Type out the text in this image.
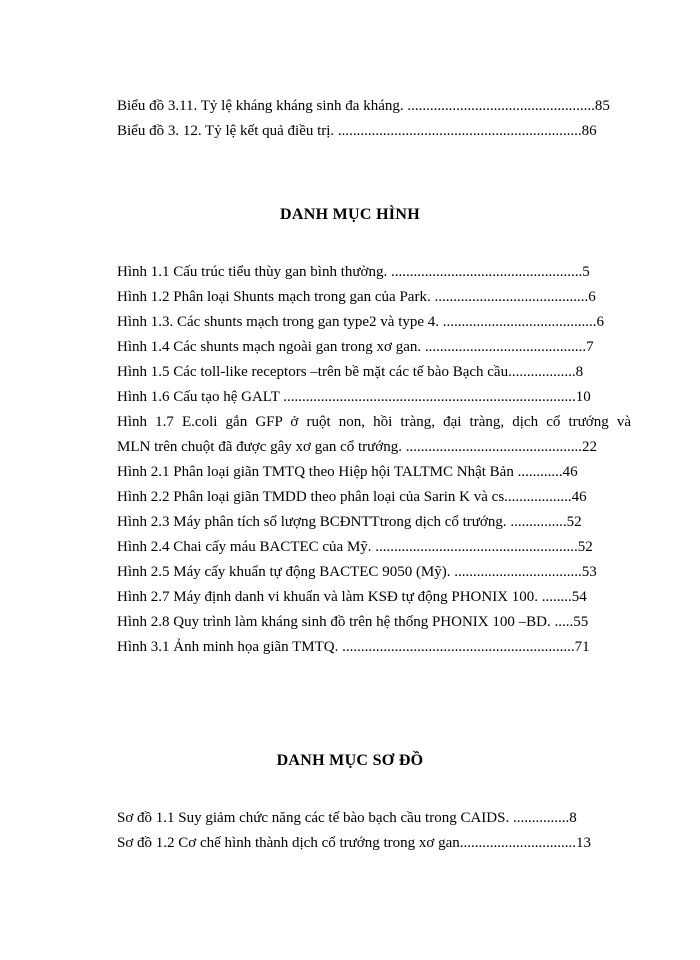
Biểu đồ 3.11. Tỷ lệ kháng kháng sinh đa kháng. ..................................................85
Biểu đồ 3. 12. Tỷ lệ kết quả điều trị. .................................................................86
DANH MỤC HÌNH
Hình 1.1 Cấu trúc tiểu thùy gan bình thường. ...................................................5
Hình 1.2 Phân loại Shunts mạch trong gan của Park. .........................................6
Hình 1.3. Các shunts mạch trong gan type2 và type 4. .........................................6
Hình 1.4 Các shunts mạch ngoài gan trong xơ gan. ...........................................7
Hình 1.5 Các toll-like receptors –trên bề mặt các tế bào Bạch cầu..................8
Hình 1.6 Cấu tạo hệ GALT ..............................................................................10
Hình 1.7 E.coli gắn GFP ở ruột non, hồi tràng, đại tràng, dịch cổ trướng và
MLN trên chuột đã được gây xơ gan cổ trướng. ...............................................22
Hình 2.1 Phân loại giãn TMTQ theo Hiệp hội TALTMC Nhật Bản ............46
Hình 2.2 Phân loại giãn TMDD theo phân loại của Sarin K và cs..................46
Hình 2.3 Máy phân tích số lượng BCĐNTTtrong dịch cổ trướng. ...............52
Hình 2.4 Chai cấy máu BACTEC của Mỹ. ......................................................52
Hình 2.5 Máy cấy khuẩn tự động BACTEC 9050 (Mỹ). ..................................53
Hình 2.7 Máy định danh vi khuẩn và làm KSĐ tự động PHONIX 100. ........54
Hình 2.8 Quy trình làm kháng sinh đồ trên hệ thống PHONIX 100 –BD. .....55
Hình 3.1 Ảnh minh họa giãn TMTQ. ..............................................................71
DANH MỤC SƠ ĐỒ
Sơ đồ 1.1 Suy giảm chức năng các tế bào bạch cầu trong CAIDS. ...............8
Sơ đồ 1.2 Cơ chế hình thành dịch cổ trướng trong xơ gan...............................13
